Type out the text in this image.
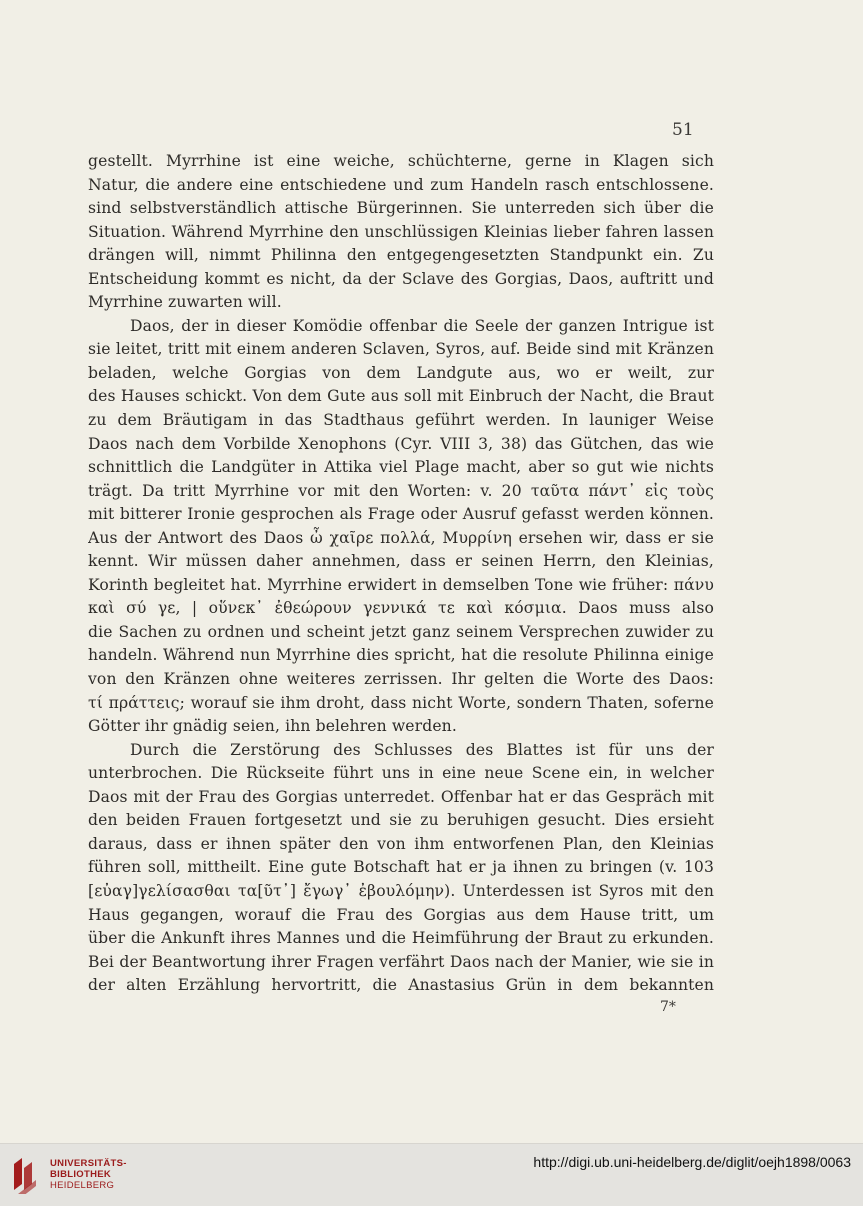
51
gestellt. Myrrhine ist eine weiche, schüchterne, gerne in Klagen sich
Natur, die andere eine entschiedene und zum Handeln rasch entschlossene.
sind selbstverständlich attische Bürgerinnen. Sie unterreden sich über die
Situation. Während Myrrhine den unschlüssigen Kleinias lieber fahren lassen
drängen will, nimmt Philinna den entgegengesetzten Standpunkt ein. Zu
Entscheidung kommt es nicht, da der Sclave des Gorgias, Daos, auftritt und
Myrrhine zuwarten will.
Daos, der in dieser Komödie offenbar die Seele der ganzen Intrigue ist
sie leitet, tritt mit einem anderen Sclaven, Syros, auf. Beide sind mit Kränzen
beladen, welche Gorgias von dem Landgute aus, wo er weilt, zur
des Hauses schickt. Von dem Gute aus soll mit Einbruch der Nacht, die Braut
zu dem Bräutigam in das Stadthaus geführt werden. In launiger Weise
Daos nach dem Vorbilde Xenophons (Cyr. VIII 3, 38) das Gütchen, das wie
schnittlich die Landgüter in Attika viel Plage macht, aber so gut wie nichts
trägt. Da tritt Myrrhine vor mit den Worten: v. 20 ταῦτα πάντ᾽ εἰς τοὺς
mit bitterer Ironie gesprochen als Frage oder Ausruf gefasst werden können.
Aus der Antwort des Daos ὦ χαῖρε πολλά, Μυρρίνη ersehen wir, dass er sie
kennt. Wir müssen daher annehmen, dass er seinen Herrn, den Kleinias,
Korinth begleitet hat. Myrrhine erwidert in demselben Tone wie früher: πάνυ
καὶ σύ γε, | οὕνεκ᾽ ἐθεώρουν γεννικά τε καὶ κόσμια. Daos muss also
die Sachen zu ordnen und scheint jetzt ganz seinem Versprechen zuwider zu
handeln. Während nun Myrrhine dies spricht, hat die resolute Philinna einige
von den Kränzen ohne weiteres zerrissen. Ihr gelten die Worte des Daos:
τί πράττεις; worauf sie ihm droht, dass nicht Worte, sondern Thaten, soferne
Götter ihr gnädig seien, ihn belehren werden.
Durch die Zerstörung des Schlusses des Blattes ist für uns der
unterbrochen. Die Rückseite führt uns in eine neue Scene ein, in welcher
Daos mit der Frau des Gorgias unterredet. Offenbar hat er das Gespräch mit
den beiden Frauen fortgesetzt und sie zu beruhigen gesucht. Dies ersieht
daraus, dass er ihnen später den von ihm entworfenen Plan, den Kleinias
führen soll, mittheilt. Eine gute Botschaft hat er ja ihnen zu bringen (v. 103
[εὐαγ]γελίσασθαι τα[ῦτ᾽] ἔγωγ᾽ ἐβουλόμην). Unterdessen ist Syros mit den
Haus gegangen, worauf die Frau des Gorgias aus dem Hause tritt, um
über die Ankunft ihres Mannes und die Heimführung der Braut zu erkunden.
Bei der Beantwortung ihrer Fragen verfährt Daos nach der Manier, wie sie in
der alten Erzählung hervortritt, die Anastasius Grün in dem bekannten
7*
UNIVERSITÄTS-
BIBLIOTHEK
HEIDELBERG
http://digi.ub.uni-heidelberg.de/diglit/oejh1898/0063
